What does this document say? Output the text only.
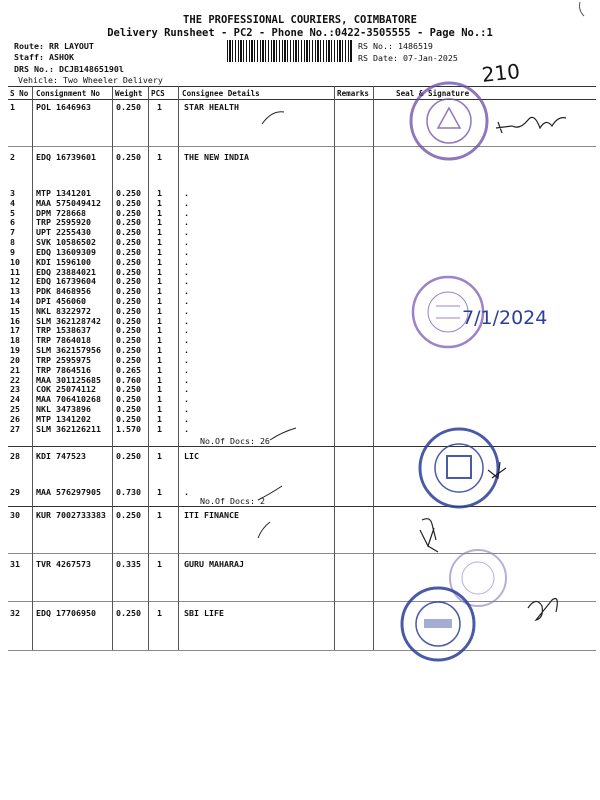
THE PROFESSIONAL COURIERS, COIMBATORE
Delivery Runsheet - PC2 - Phone No.:0422-3505555 - Page No.:1
Route: RR LAYOUT
Staff: ASHOK
DRS No.: DCJB14865190l
Vehicle: Two Wheeler Delivery
RS No.: 1486519
RS Date: 07-Jan-2025
S No Consignment No Weight PCS Consignee Details	Remarks	Seal & Signature
1	POL 1646963	0.250 1	STAR HEALTH
2	EDQ 16739601 0.250 1	THE NEW INDIA
3	MTP 1341201	0.250 1	.
4	MAA 575049412 0.250 1	.
5	DPM 728668	0.250 1	.
6	TRP 2595920	0.250 1	.
7	UPT 2255430	0.250 1	.
8	SVK 10586502 0.250 1	.
9	EDQ 13609309 0.250 1	.
10 KDI 1596100	0.250 1	.
11 EDQ 23884021 0.250 1	.
12 EDQ 16739604 0.250 1	.
13 PDK 8468956	0.250 1	.
14 DPI 456060	0.250 1	.
15 NKL 8322972	0.250 1	.
16 SLM 362128742 0.250 1	.
17 TRP 1538637	0.250 1	.
18 TRP 7864018	0.250 1	.
19 SLM 362157956 0.250 1	.
20 TRP 2595975	0.250 1	.
21 TRP 7864516	0.265 1	.
22 MAA 301125685 0.760 1	.
23 COK 25074112 0.250 1	.
24 MAA 706410268 0.250 1	.
25 NKL 3473896	0.250 1	.
26 MTP 1341202	0.250 1	.
27 SLM 362126211 1.570 1	.
28 KDI 747523	0.250 1	LIC
29 MAA 576297905 0.730 1	.
30 KUR 7002733383 0.250 1	ITI FINANCE
31 TVR 4267573	0.335 1	GURU MAHARAJ
32 EDQ 17706950 0.250 1	SBI LIFE
No.Of Docs: 26
No.Of Docs: 2
210
7/1/2024
